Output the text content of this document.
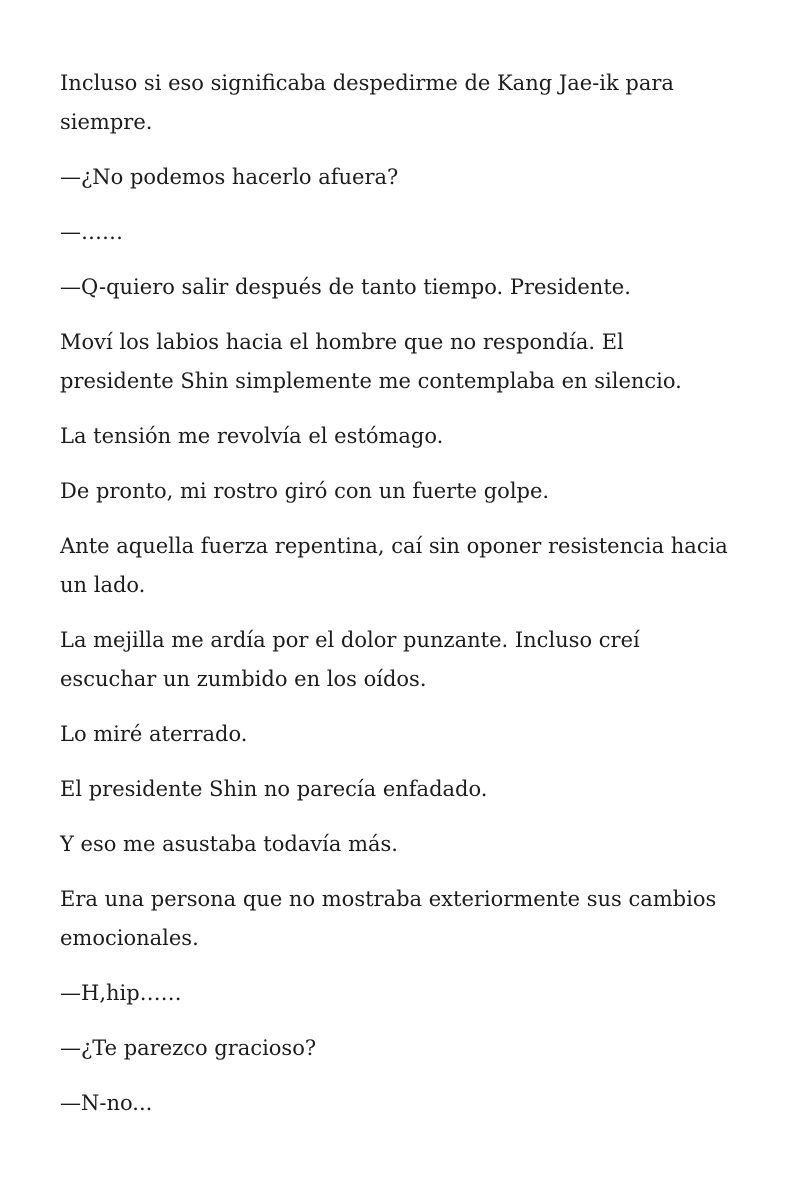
Incluso si eso significaba despedirme de Kang Jae-ik para siempre.

—¿No podemos hacerlo afuera?

—……

—Q-quiero salir después de tanto tiempo. Presidente.

Moví los labios hacia el hombre que no respondía. El presidente Shin simplemente me contemplaba en silencio.

La tensión me revolvía el estómago.

De pronto, mi rostro giró con un fuerte golpe.

Ante aquella fuerza repentina, caí sin oponer resistencia hacia un lado.

La mejilla me ardía por el dolor punzante. Incluso creí escuchar un zumbido en los oídos.

Lo miré aterrado.

El presidente Shin no parecía enfadado.

Y eso me asustaba todavía más.

Era una persona que no mostraba exteriormente sus cambios emocionales.

—H,hip……

—¿Te parezco gracioso?

—N-no...
